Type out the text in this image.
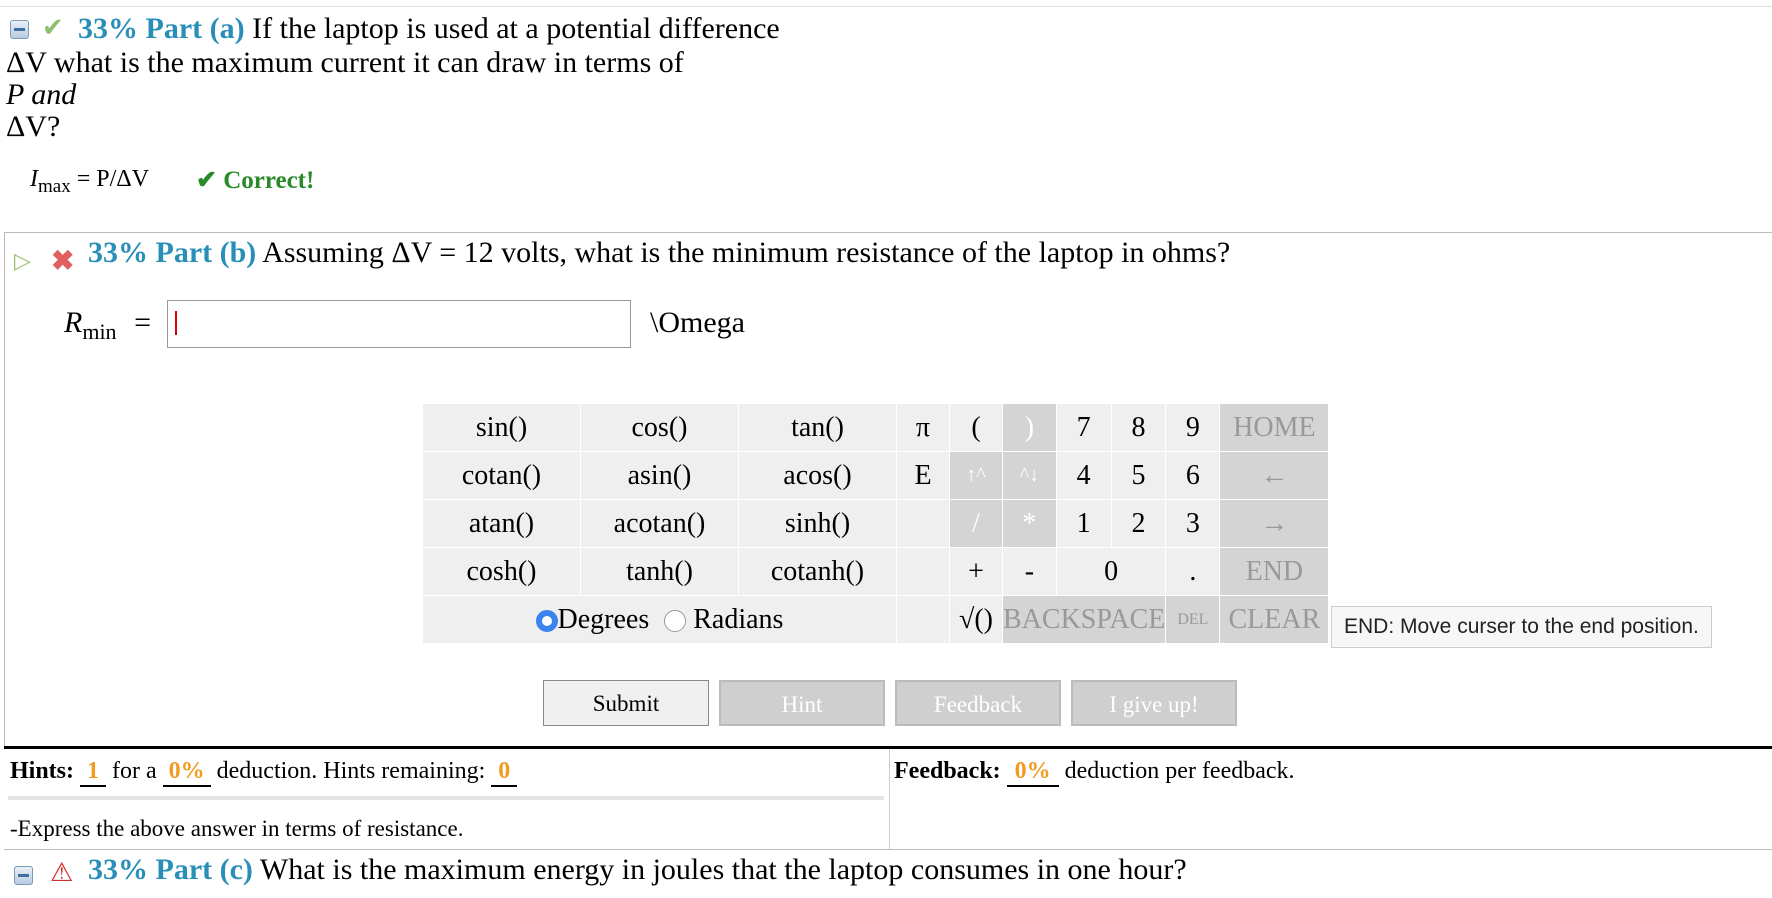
✔ 33% Part (a) If the laptop is used at a potential difference
ΔV what is the maximum current it can draw in terms of
P and
ΔV?
$I_{max} = P/\Delta V$ ✔ Correct!
▷ ✖ 33% Part (b) Assuming ΔV = 12 volts, what is the minimum resistance of the laptop in ohms?
$R_{min}$ =	\Omega
sin()	cos()	tan()	π	(	)	7	8	9	HOME
cotan()	asin()	acos()	E	↑^	^↓	4	5	6	←
atan()	acotan()	sinh()		/	*	1	2	3	→
cosh()	tanh()	cotanh()		+	-	0		.	END
Degrees Radians				√()	BACKSPACE			DEL	CLEAR	END: Move curser to the end position.
Submit	Hint	Feedback	I give up!
Hints: 1 for a 0% deduction. Hints remaining: 0
-Express the above answer in terms of resistance.
Feedback: 0% deduction per feedback.
⚠ 33% Part (c) What is the maximum energy in joules that the laptop consumes in one hour?
